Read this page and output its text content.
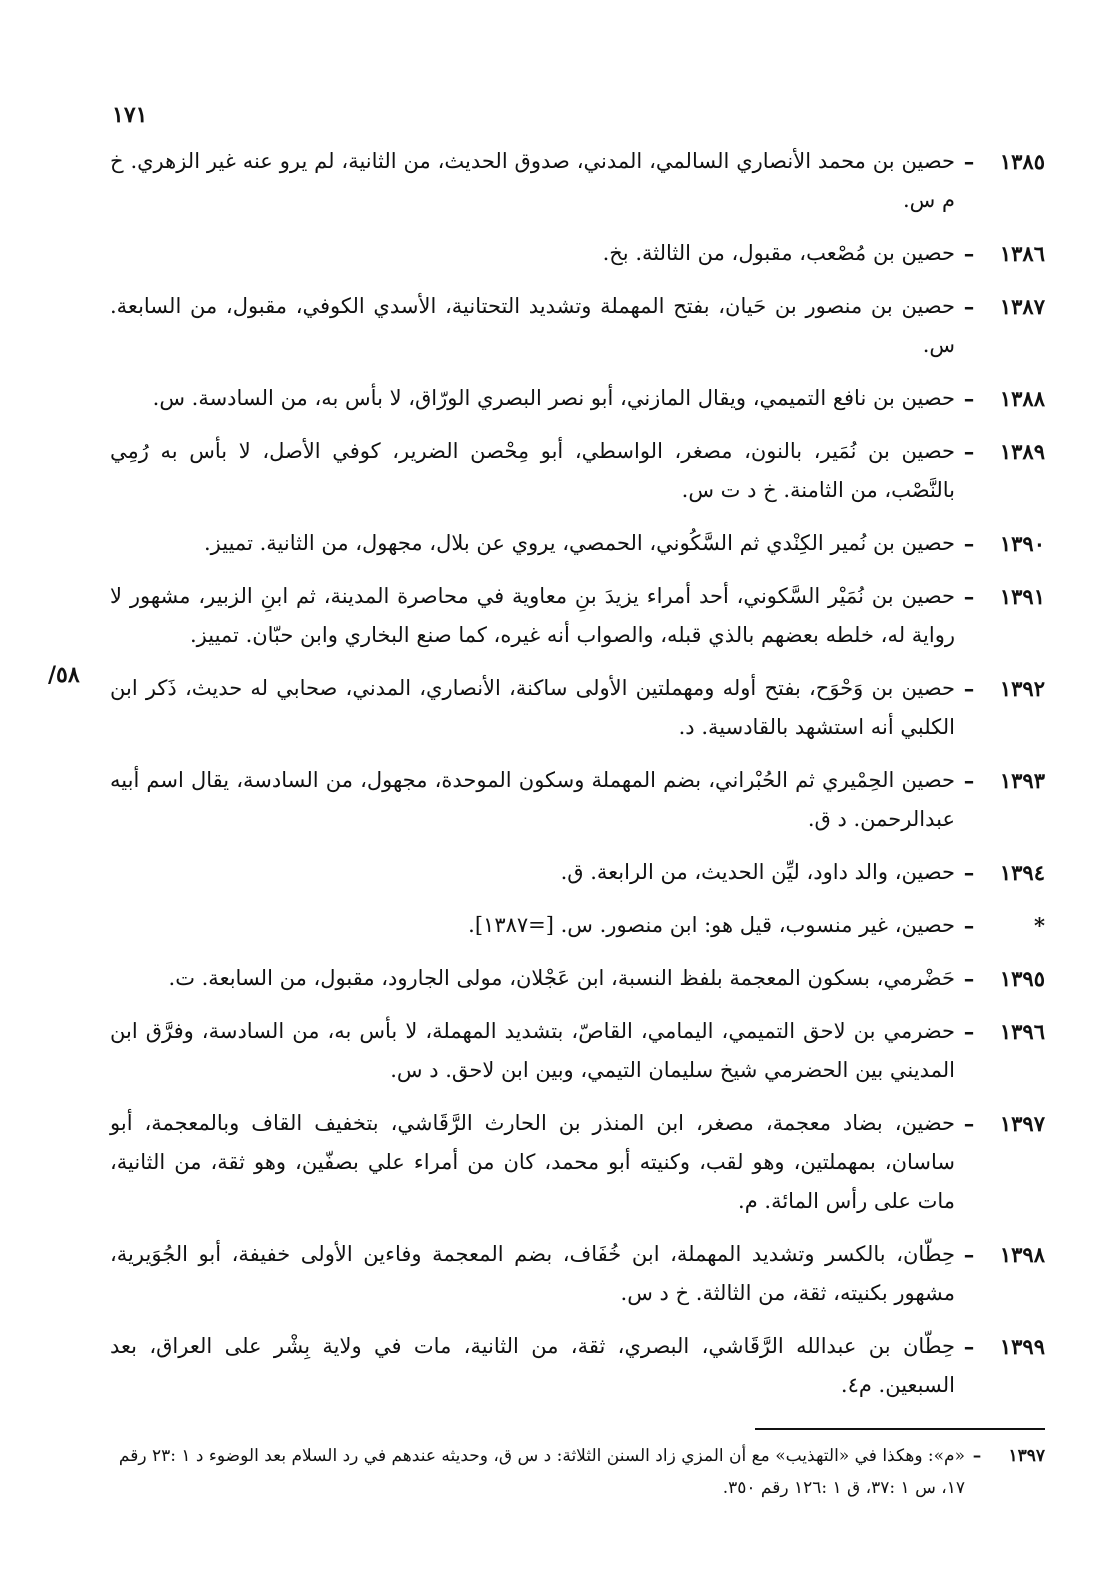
١٧١
٥٨/
١٣٨٥
–
حصين بن محمد الأنصاري السالمي، المدني، صدوق الحديث، من الثانية، لم يرو عنه غير الزهري. خ م س.
١٣٨٦
–
حصين بن مُصْعب، مقبول، من الثالثة. بخ.
١٣٨٧
–
حصين بن منصور بن حَيان، بفتح المهملة وتشديد التحتانية، الأسدي الكوفي، مقبول، من السابعة. س.
١٣٨٨
–
حصين بن نافع التميمي، ويقال المازني، أبو نصر البصري الورّاق، لا بأس به، من السادسة. س.
١٣٨٩
–
حصين بن نُمَير، بالنون، مصغر، الواسطي، أبو مِحْصن الضرير، كوفي الأصل، لا بأس به رُمِي بالنَّصْب، من الثامنة. خ د ت س.
١٣٩٠
–
حصين بن نُمير الكِنْدي ثم السَّكُوني، الحمصي، يروي عن بلال، مجهول، من الثانية. تمييز.
١٣٩١
–
حصين بن نُمَيْر السَّكوني، أحد أمراء يزيدَ بنِ معاوية في محاصرة المدينة، ثم ابنِ الزبير، مشهور لا رواية له، خلطه بعضهم بالذي قبله، والصواب أنه غيره، كما صنع البخاري وابن حبّان. تمييز.
١٣٩٢
–
حصين بن وَحْوَح، بفتح أوله ومهملتين الأولى ساكنة، الأنصاري، المدني، صحابي له حديث، ذَكر ابن الكلبي أنه استشهد بالقادسية. د.
١٣٩٣
–
حصين الحِمْيري ثم الحُبْراني، بضم المهملة وسكون الموحدة، مجهول، من السادسة، يقال اسم أبيه عبدالرحمن. د ق.
١٣٩٤
–
حصين، والد داود، ليِّن الحديث، من الرابعة. ق.
*
–
حصين، غير منسوب، قيل هو: ابن منصور. س. [=١٣٨٧].
١٣٩٥
–
حَضْرمي، بسكون المعجمة بلفظ النسبة، ابن عَجْلان، مولى الجارود، مقبول، من السابعة. ت.
١٣٩٦
–
حضرمي بن لاحق التميمي، اليمامي، القاصّ، بتشديد المهملة، لا بأس به، من السادسة، وفرَّق ابن المديني بين الحضرمي شيخ سليمان التيمي، وبين ابن لاحق. د س.
١٣٩٧
–
حضين، بضاد معجمة، مصغر، ابن المنذر بن الحارث الرَّقَاشي، بتخفيف القاف وبالمعجمة، أبو ساسان، بمهملتين، وهو لقب، وكنيته أبو محمد، كان من أمراء علي بصفّين، وهو ثقة، من الثانية، مات على رأس المائة. م.
١٣٩٨
–
حِطّان، بالكسر وتشديد المهملة، ابن خُفَاف، بضم المعجمة وفاءين الأولى خفيفة، أبو الجُوَيرية، مشهور بكنيته، ثقة، من الثالثة. خ د س.
١٣٩٩
–
حِطّان بن عبدالله الرَّقَاشي، البصري، ثقة، من الثانية، مات في ولاية بِشْر على العراق، بعد السبعين. م٤.
١٣٩٧
–
«م»: وهكذا في «التهذيب» مع أن المزي زاد السنن الثلاثة: د س ق، وحديثه عندهم في رد السلام بعد الوضوء د ١ :٢٣ رقم ١٧، س ١ :٣٧، ق ١ :١٢٦ رقم ٣٥٠.
